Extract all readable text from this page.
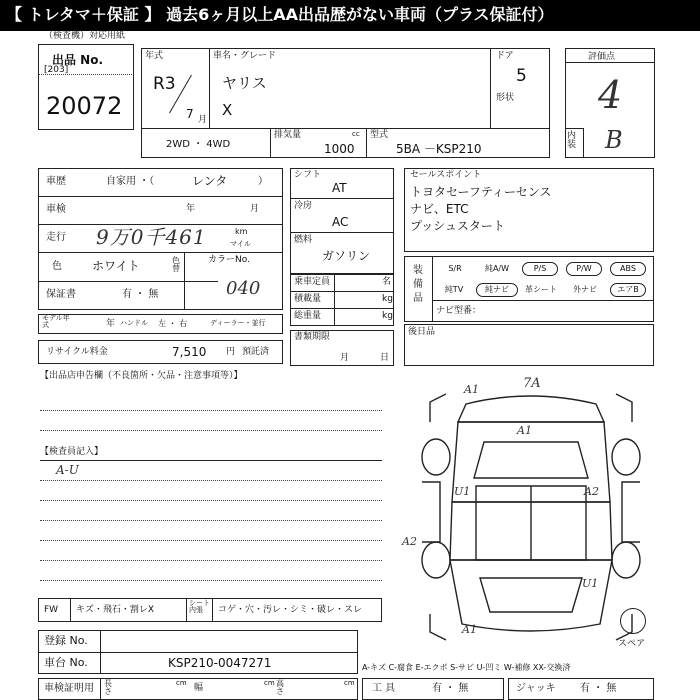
【 トレタマ＋保証 】 過去6ヶ月以上AA出品歴がない車両（プラス保証付）
（検査機）対応用紙
出品 No.
[203]
20072
年式
R3
7 月
車名・グレード
ヤリス
X
ドア
5
形状
2WD ・ 4WD
排気量	cc
1000
型式
5BA －KSP210
評価点
4
内装 B
車歴	自家用 ・（	レンタ	）
車検	年	月
走行 9万0千461	km
マイル
色	ホワイト	色替
カラーNo.
040
保証書	有 ・ 無
モデル年式	年 ハンドル 左 ・ 右	ディーラー・並行
リサイクル料金	7,510 円 預託済
シフト
AT
冷房
AC
燃料
ガソリン
乗車定員	名
積載量	kg
総重量	kg
書類期限
月	日
セールスポイント
トヨタセーフティーセンス
ナビ、ETC
プッシュスタート
装備品
S/R	純A/W	P/S	P/W	ABS
純TV	純ナビ	革シート	外ナビ	エアB
ナビ型番：
後日品
【出品店申告欄（不良箇所・欠品・注意事項等）】
【検査員記入】
A-U
7A
A1
A1
U1
A2
A2
A1
U1
スペア
FW キズ・飛石・割レX
シート内張	コゲ・穴・汚レ・シミ・破レ・スレ
登録 No.
車台 No.	KSP210-0047271
車検証明用 長さ
cm 幅	cm 高さ
cm
A-キズ C-腐食 E-エクボ S-サビ U-凹ミ W-補修 XX-交換済
工 具	有 ・ 無	ジャッキ 有 ・ 無
